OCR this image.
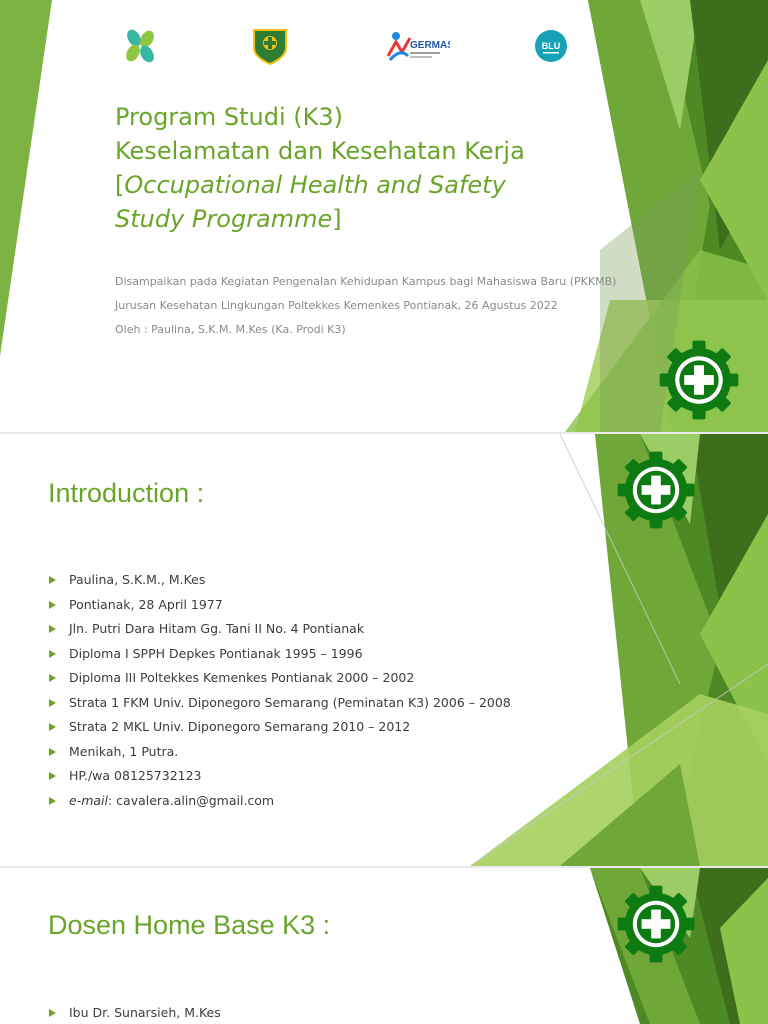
GERMAS	BLU
Program Studi (K3)
Keselamatan dan Kesehatan Kerja
[Occupational Health and Safety
Study Programme]
Disampaikan pada Kegiatan Pengenalan Kehidupan Kampus bagi Mahasiswa Baru (PKKMB)
Jurusan Kesehatan Lingkungan Poltekkes Kemenkes Pontianak, 26 Agustus 2022
Oleh : Paulina, S.K.M. M.Kes (Ka. Prodi K3)
Introduction :
Paulina, S.K.M., M.Kes
Pontianak, 28 April 1977
Jln. Putri Dara Hitam Gg. Tani II No. 4 Pontianak
Diploma I SPPH Depkes Pontianak 1995 – 1996
Diploma III Poltekkes Kemenkes Pontianak 2000 – 2002
Strata 1 FKM Univ. Diponegoro Semarang (Peminatan K3) 2006 – 2008
Strata 2 MKL Univ. Diponegoro Semarang 2010 – 2012
Menikah, 1 Putra.
HP./wa 08125732123
e-mail: cavalera.alin@gmail.com
Dosen Home Base K3 :
Ibu Dr. Sunarsieh, M.Kes
